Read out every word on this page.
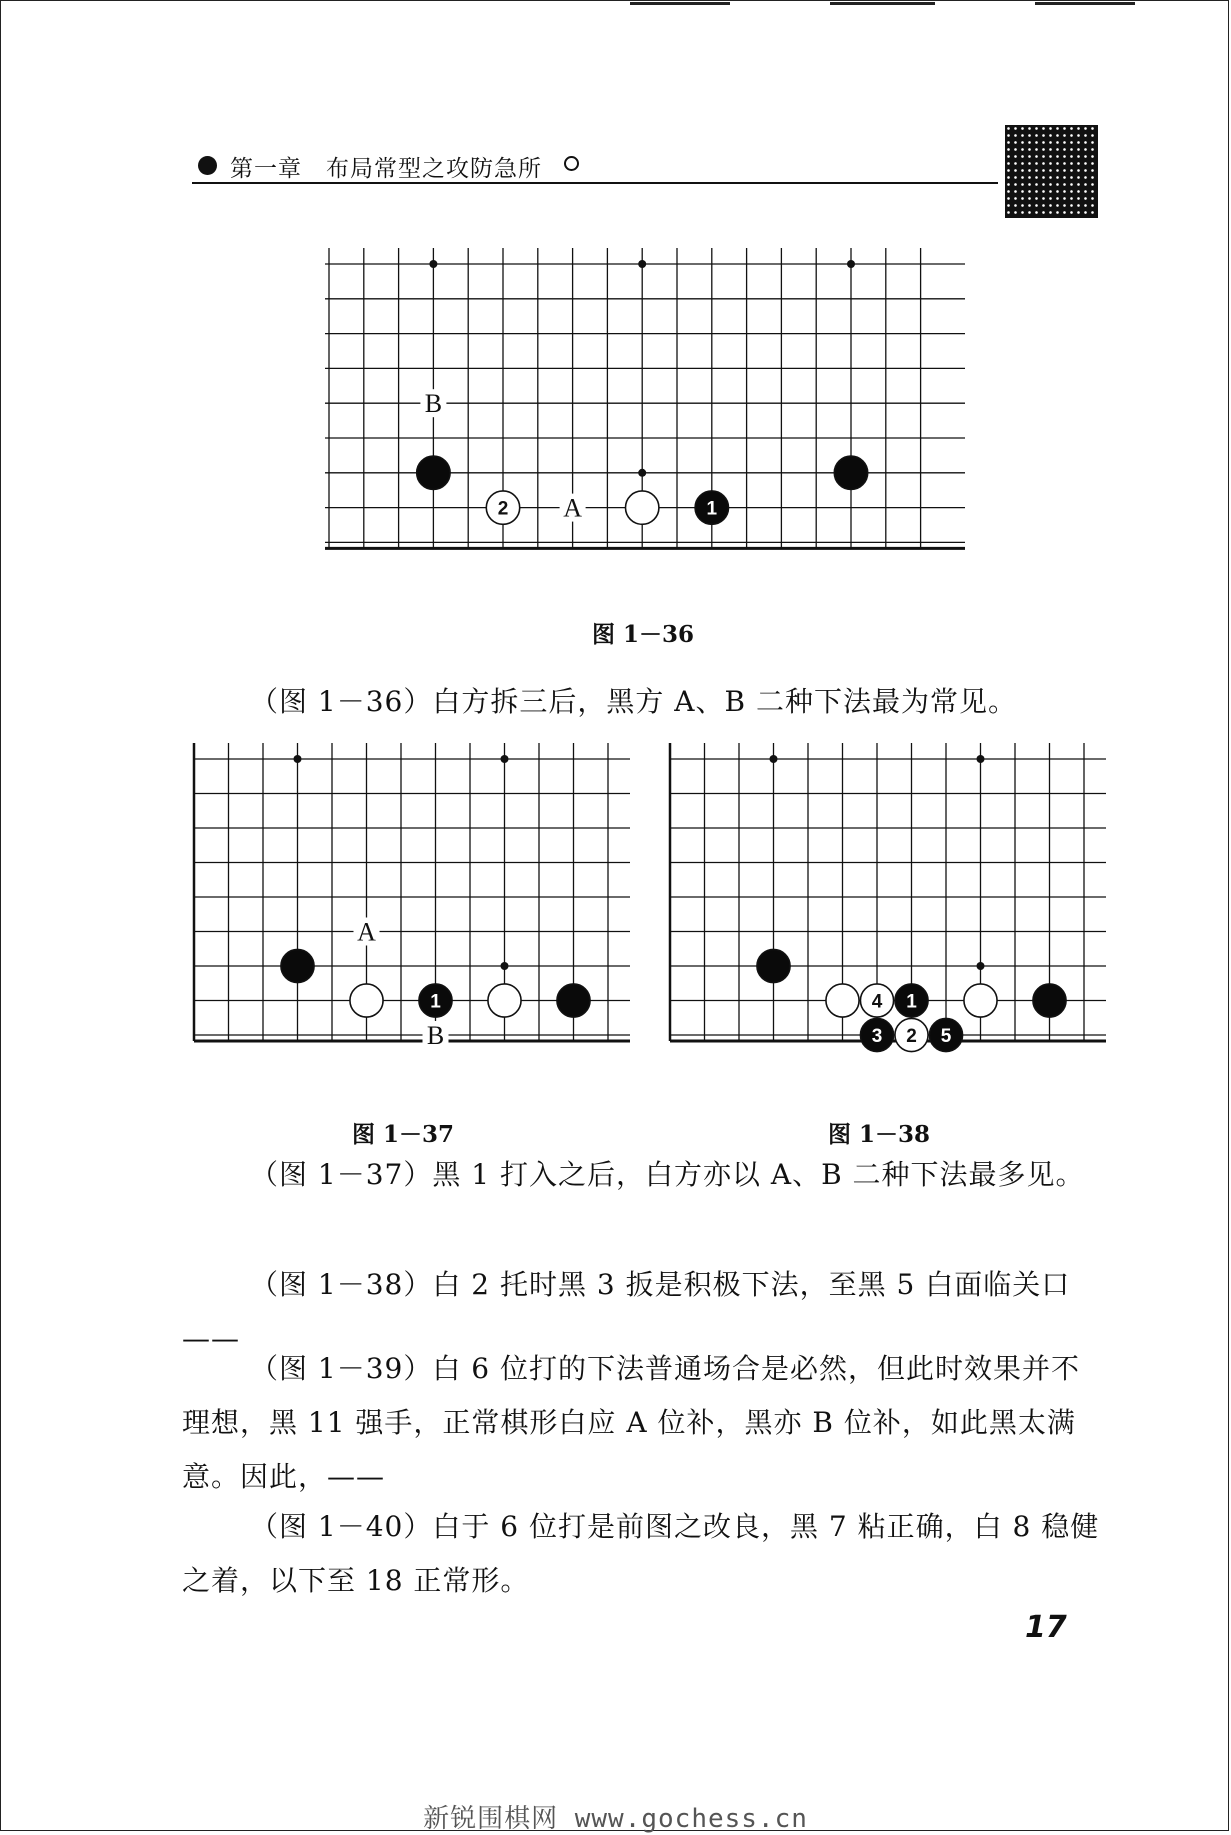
第一章　布局常型之攻防急所
B
A	1
2
图 1－36

（图 1－36）白方拆三后，黑方 A、B 二种下法最为常见。

A
B
1
图 1－37
4 1
3 2 5
图 1－38

（图 1－37）黑 1 打入之后，白方亦以 A、B 二种下法最多见。

（图 1－38）白 2 托时黑 3 扳是积极下法，至黑 5 白面临关口——

（图 1－39）白 6 位打的下法普通场合是必然，但此时效果并不理想，黑 11 强手，正常棋形白应 A 位补，黑亦 B 位补，如此黑太满意。因此，——

（图 1－40）白于 6 位打是前图之改良，黑 7 粘正确，白 8 稳健之着，以下至 18 正常形。

17
新锐围棋网 www.gochess.cn
